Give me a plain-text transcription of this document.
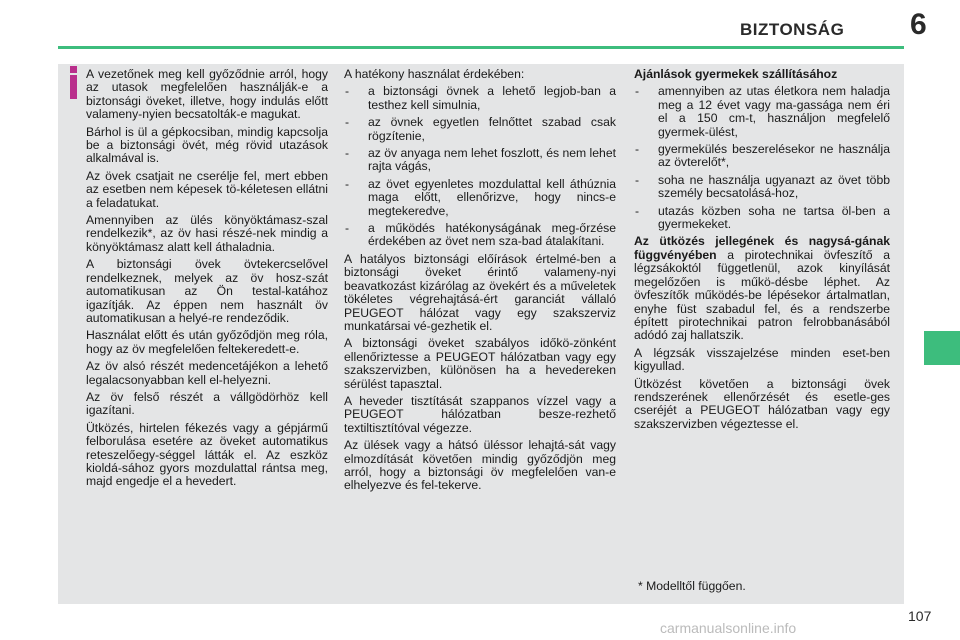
BIZTONSÁG 6

A vezetőnek meg kell győződnie arról, hogy az utasok megfelelően használják-e a biztonsági öveket, illetve, hogy indulás előtt valameny-nyien becsatolták-e magukat.

Bárhol is ül a gépkocsiban, mindig kapcsolja be a biztonsági övét, még rövid utazások alkalmával is.

Az övek csatjait ne cserélje fel, mert ebben az esetben nem képesek tö-kéletesen ellátni a feladatukat.

Amennyiben az ülés könyöktámasz-szal rendelkezik*, az öv hasi részé-nek mindig a könyöktámasz alatt kell áthaladnia.

A biztonsági övek övtekercselővel rendelkeznek, melyek az öv hosz-szát automatikusan az Ön testal-katához igazítják. Az éppen nem használt öv automatikusan a helyé-re rendeződik.

Használat előtt és után győződjön meg róla, hogy az öv megfelelően feltekeredett-e.

Az öv alsó részét medencetájékon a lehető legalacsonyabban kell el-helyezni.

Az öv felső részét a vállgödörhöz kell igazítani.

Ütközés, hirtelen fékezés vagy a gépjármű felborulása esetére az öveket automatikus reteszelőegy-séggel látták el. Az eszköz kioldá-sához gyors mozdulattal rántsa meg, majd engedje el a hevedert.

A hatékony használat érdekében:

- a biztonsági övnek a lehető legjob-ban a testhez kell simulnia,
- az övnek egyetlen felnőttet szabad csak rögzítenie,
- az öv anyaga nem lehet foszlott, és nem lehet rajta vágás,
- az övet egyenletes mozdulattal kell áthúznia maga előtt, ellenőrizve, hogy nincs-e megtekeredve,
- a működés hatékonyságának meg-őrzése érdekében az övet nem sza-bad átalakítani.

A hatályos biztonsági előírások értelmé-ben a biztonsági öveket érintő valameny-nyi beavatkozást kizárólag az övekért és a műveletek tökéletes végrehajtásá-ért garanciát vállaló PEUGEOT hálózat vagy egy szakszerviz munkatársai vé-gezhetik el.

A biztonsági öveket szabályos időkö-zönként ellenőriztesse a PEUGEOT hálózatban vagy egy szakszervizben, különösen ha a hevedereken sérülést tapasztal.

A heveder tisztítását szappanos vízzel vagy a PEUGEOT hálózatban besze-rezhető textiltisztítóval végezze.

Az ülések vagy a hátsó üléssor lehajtá-sát vagy elmozdítását követően mindig győződjön meg arról, hogy a biztonsági öv megfelelően van-e elhelyezve és fel-tekerve.

Ajánlások gyermekek szállításához

- amennyiben az utas életkora nem haladja meg a 12 évet vagy ma-gassága nem éri el a 150 cm-t, használjon megfelelő gyermek-ülést,
- gyermekülés beszerelésekor ne használja az övterelőt*,
- soha ne használja ugyanazt az övet több személy becsatolásá-hoz,
- utazás közben soha ne tartsa öl-ben a gyermekeket.

Az ütközés jellegének és nagysá-gának függvényében a pirotechnikai övfeszítő a légzsákoktól függetlenül, azok kinyílását megelőzően is műkö-désbe léphet. Az övfeszítők működés-be lépésekor ártalmatlan, enyhe füst szabadul fel, és a rendszerbe épített pirotechnikai patron felrobbanásából adódó zaj hallatszik.

A légzsák visszajelzése minden eset-ben kigyullad.

Ütközést követően a biztonsági övek rendszerének ellenőrzését és esetle-ges cseréjét a PEUGEOT hálózatban vagy egy szakszervizben végeztesse el.

* Modelltől függően.
107
carmanualsonline.info
